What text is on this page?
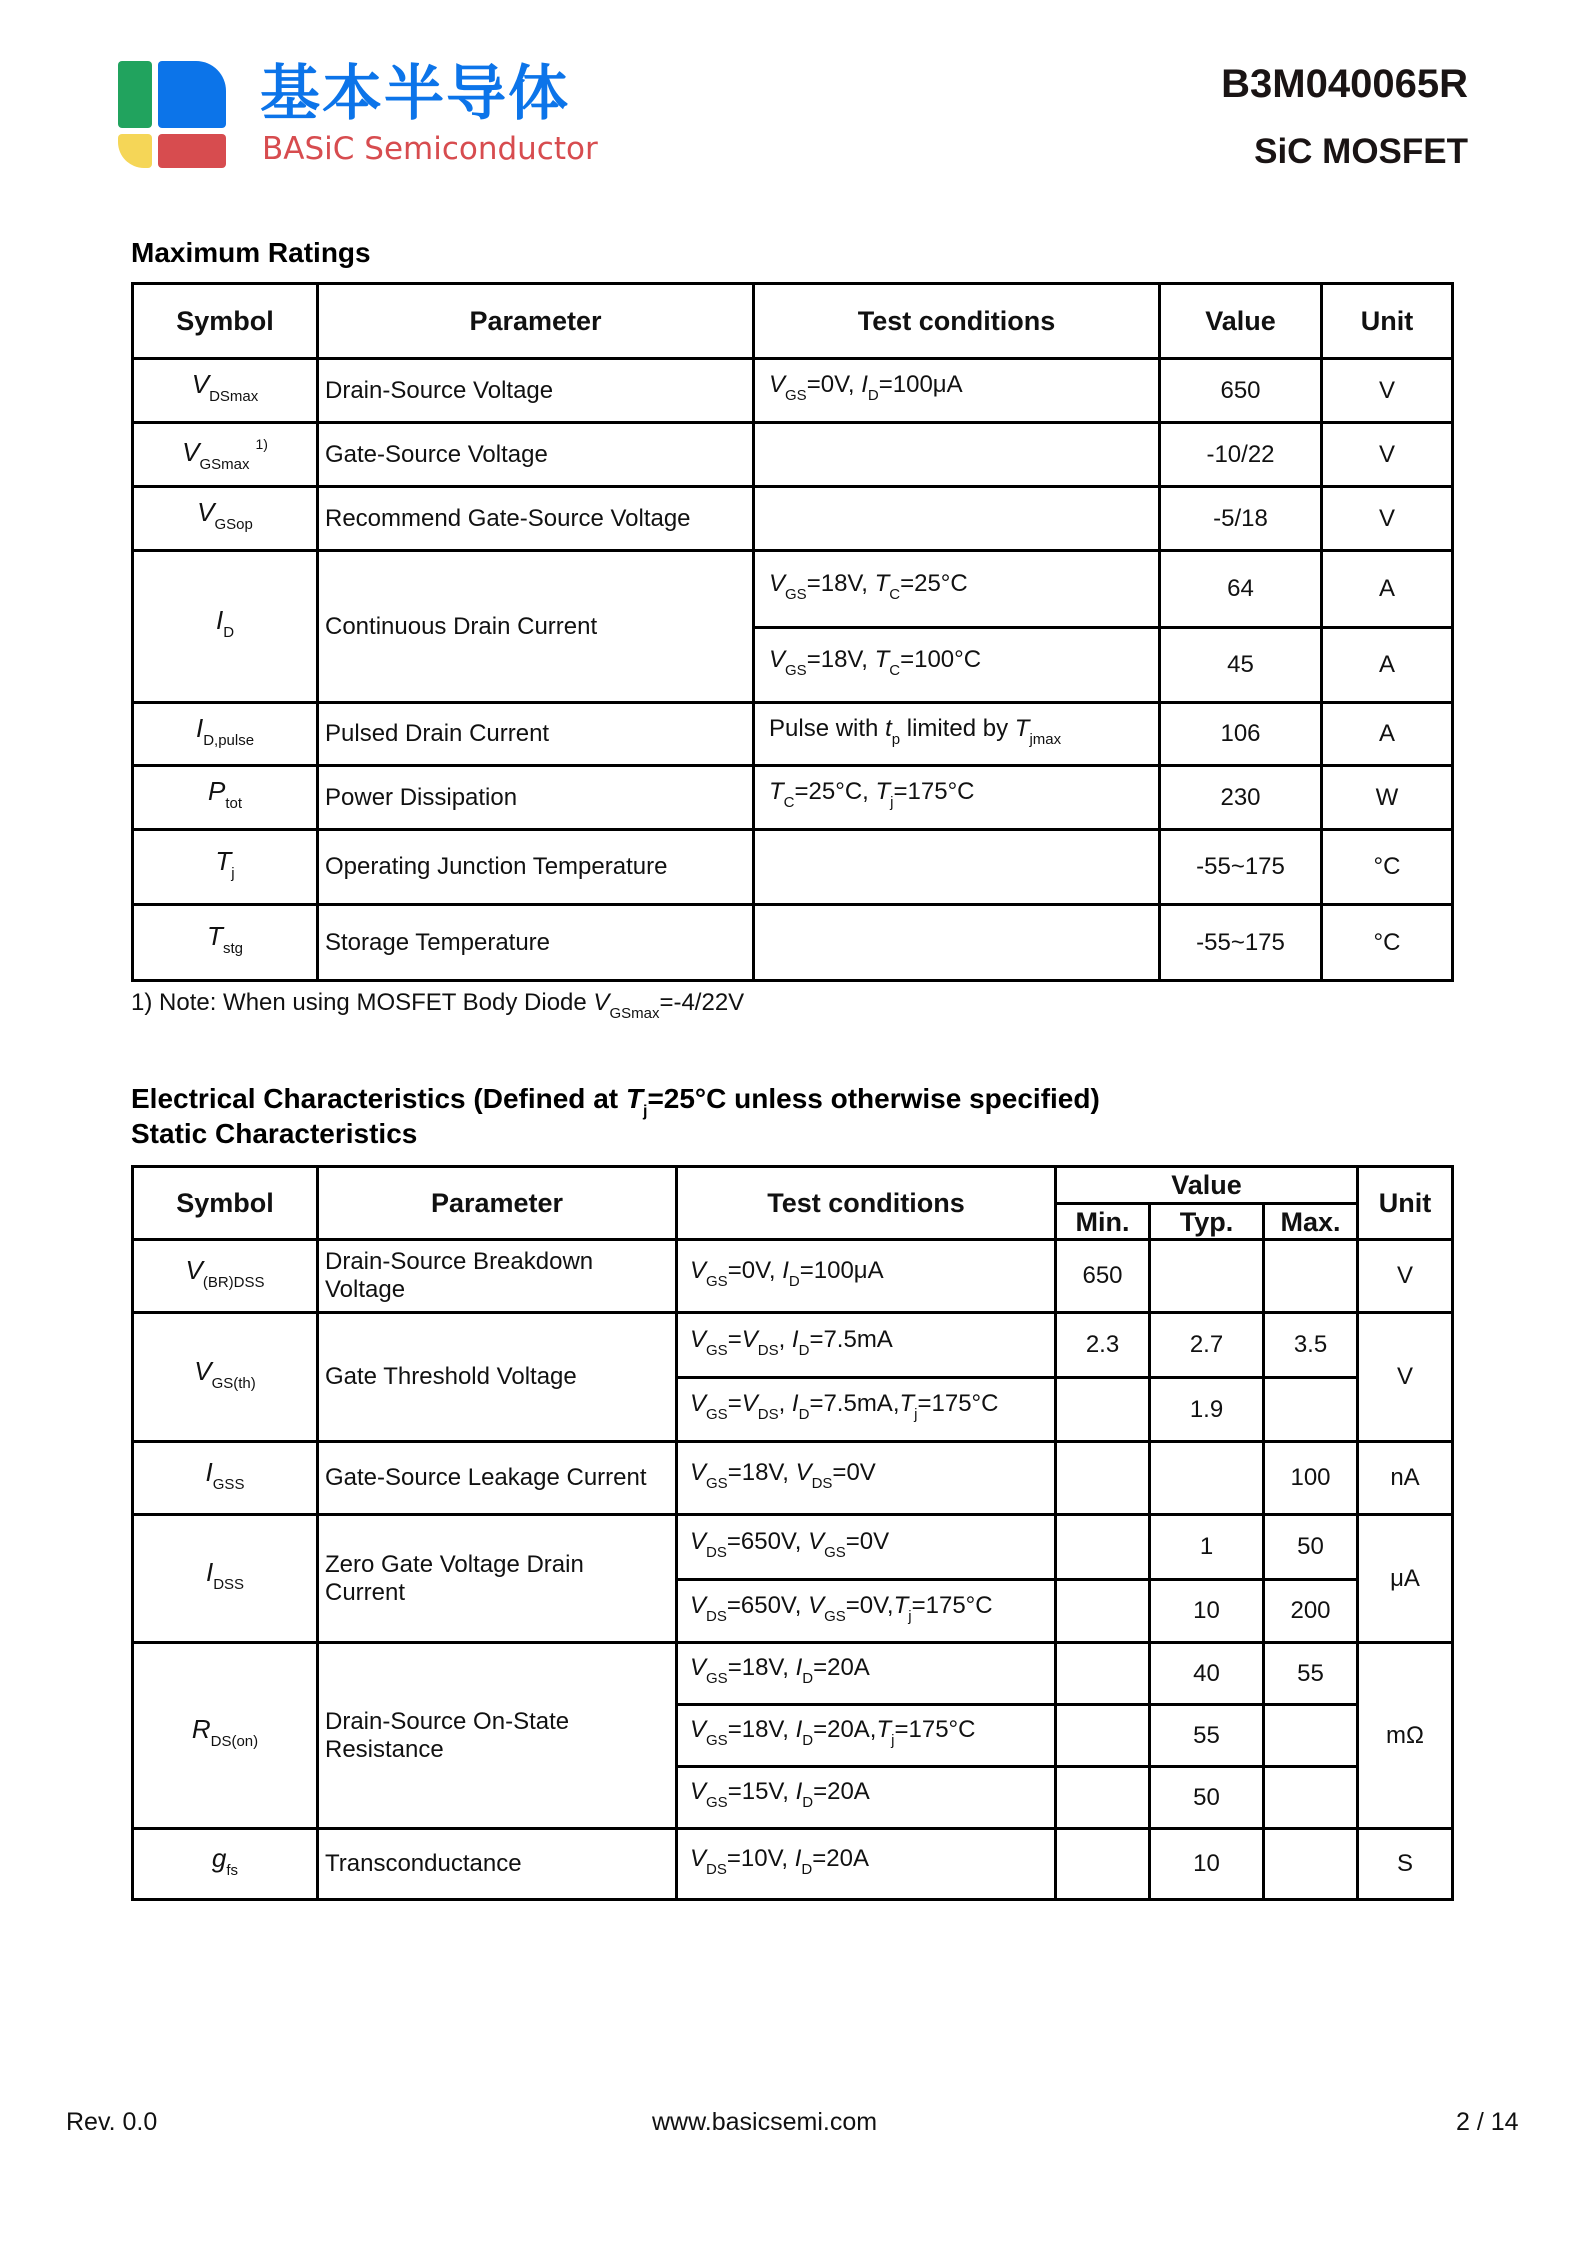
基本半导体
BASiC Semiconductor
B3M040065R
SiC MOSFET
Maximum Ratings
Symbol	Parameter	Test conditions	Value	Unit
$V_{DSmax}$	Drain-Source Voltage	$V_{GS}=0V$, $I_D=100\mu A$	650	V
$V_{GSmax}^{1)}$	Gate-Source Voltage		-10/22	V
$V_{GSop}$	Recommend Gate-Source Voltage		-5/18	V
$I_D$	Continuous Drain Current	$V_{GS}=18V$, $T_C=25^\circ C$	64	A
		$V_{GS}=18V$, $T_C=100^\circ C$	45	A
$I_{D,pulse}$	Pulsed Drain Current	Pulse with $t_p$ limited by $T_{jmax}$	106	A
$P_{tot}$	Power Dissipation	$T_C=25^\circ C$, $T_j=175^\circ C$	230	W
$T_j$	Operating Junction Temperature		-55~175	°C
$T_{stg}$	Storage Temperature		-55~175	°C
1) Note: When using MOSFET Body Diode $V_{GSmax}=-4/22V$
Electrical Characteristics (Defined at $T_j=25^\circ C$ unless otherwise specified)
Static Characteristics
Symbol	Parameter	Test conditions	Value			Unit
			Min.	Typ.	Max.	
$V_{(BR)DSS}$	Drain-Source Breakdown Voltage	$V_{GS}=0V$, $I_D=100\mu A$	650			V
$V_{GS(th)}$	Gate Threshold Voltage	$V_{GS}=V_{DS}$, $I_D=7.5mA$	2.3	2.7	3.5	V
		$V_{GS}=V_{DS}$, $I_D=7.5mA,T_j=175^\circ C$		1.9		
$I_{GSS}$	Gate-Source Leakage Current	$V_{GS}=18V$, $V_{DS}=0V$			100	nA
$I_{DSS}$	Zero Gate Voltage Drain Current	$V_{DS}=650V$, $V_{GS}=0V$		1	50	μA
		$V_{DS}=650V$, $V_{GS}=0V,T_j=175^\circ C$		10	200	
$R_{DS(on)}$	Drain-Source On-State Resistance	$V_{GS}=18V$, $I_D=20A$		40	55	mΩ
		$V_{GS}=18V$, $I_D=20A,T_j=175^\circ C$		55		
		$V_{GS}=15V$, $I_D=20A$		50		
$g_{fs}$	Transconductance	$V_{DS}=10V$, $I_D=20A$		10		S
Rev. 0.0	www.basicsemi.com	2 / 14
